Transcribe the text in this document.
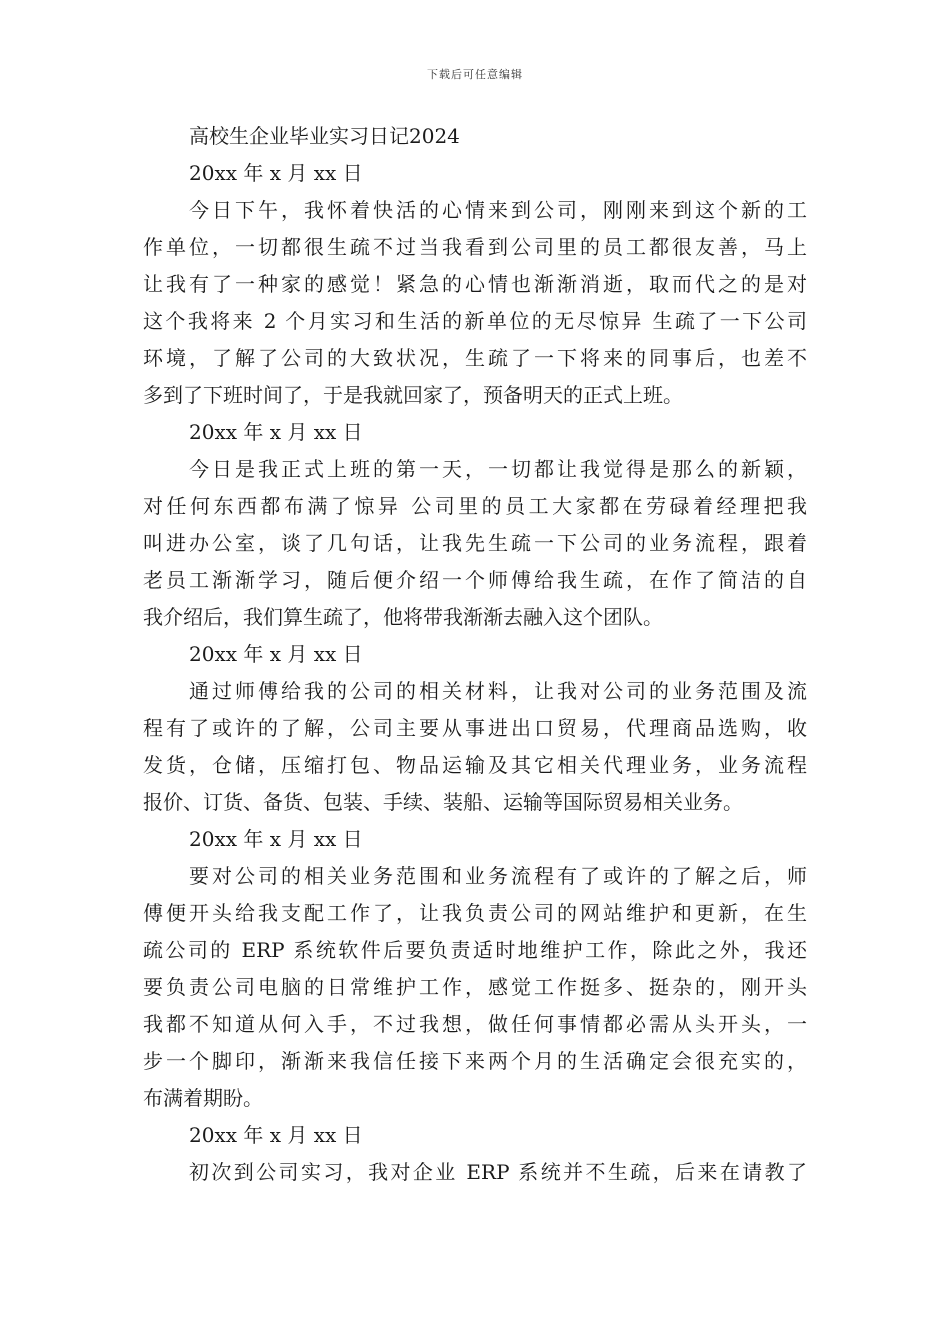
下载后可任意编辑
高校生企业毕业实习日记2024
20xx 年 x 月 xx 日
今日下午，我怀着快活的心情来到公司，刚刚来到这个新的工
作单位，一切都很生疏不过当我看到公司里的员工都很友善，马上
让我有了一种家的感觉！紧急的心情也渐渐消逝，取而代之的是对
这个我将来 2 个月实习和生活的新单位的无尽惊异 生疏了一下公司
环境，了解了公司的大致状况，生疏了一下将来的同事后，也差不
多到了下班时间了，于是我就回家了，预备明天的正式上班。
20xx 年 x 月 xx 日
今日是我正式上班的第一天，一切都让我觉得是那么的新颖，
对任何东西都布满了惊异 公司里的员工大家都在劳碌着经理把我
叫进办公室，谈了几句话，让我先生疏一下公司的业务流程，跟着
老员工渐渐学习，随后便介绍一个师傅给我生疏，在作了简洁的自
我介绍后，我们算生疏了，他将带我渐渐去融入这个团队。
20xx 年 x 月 xx 日
通过师傅给我的公司的相关材料，让我对公司的业务范围及流
程有了或许的了解，公司主要从事进出口贸易，代理商品选购，收
发货，仓储，压缩打包、物品运输及其它相关代理业务，业务流程
报价、订货、备货、包装、手续、装船、运输等国际贸易相关业务。
20xx 年 x 月 xx 日
要对公司的相关业务范围和业务流程有了或许的了解之后，师
傅便开头给我支配工作了，让我负责公司的网站维护和更新，在生
疏公司的 ERP 系统软件后要负责适时地维护工作，除此之外，我还
要负责公司电脑的日常维护工作，感觉工作挺多、挺杂的，刚开头
我都不知道从何入手，不过我想，做任何事情都必需从头开头，一
步一个脚印，渐渐来我信任接下来两个月的生活确定会很充实的，
布满着期盼。
20xx 年 x 月 xx 日
初次到公司实习，我对企业 ERP 系统并不生疏，后来在请教了
